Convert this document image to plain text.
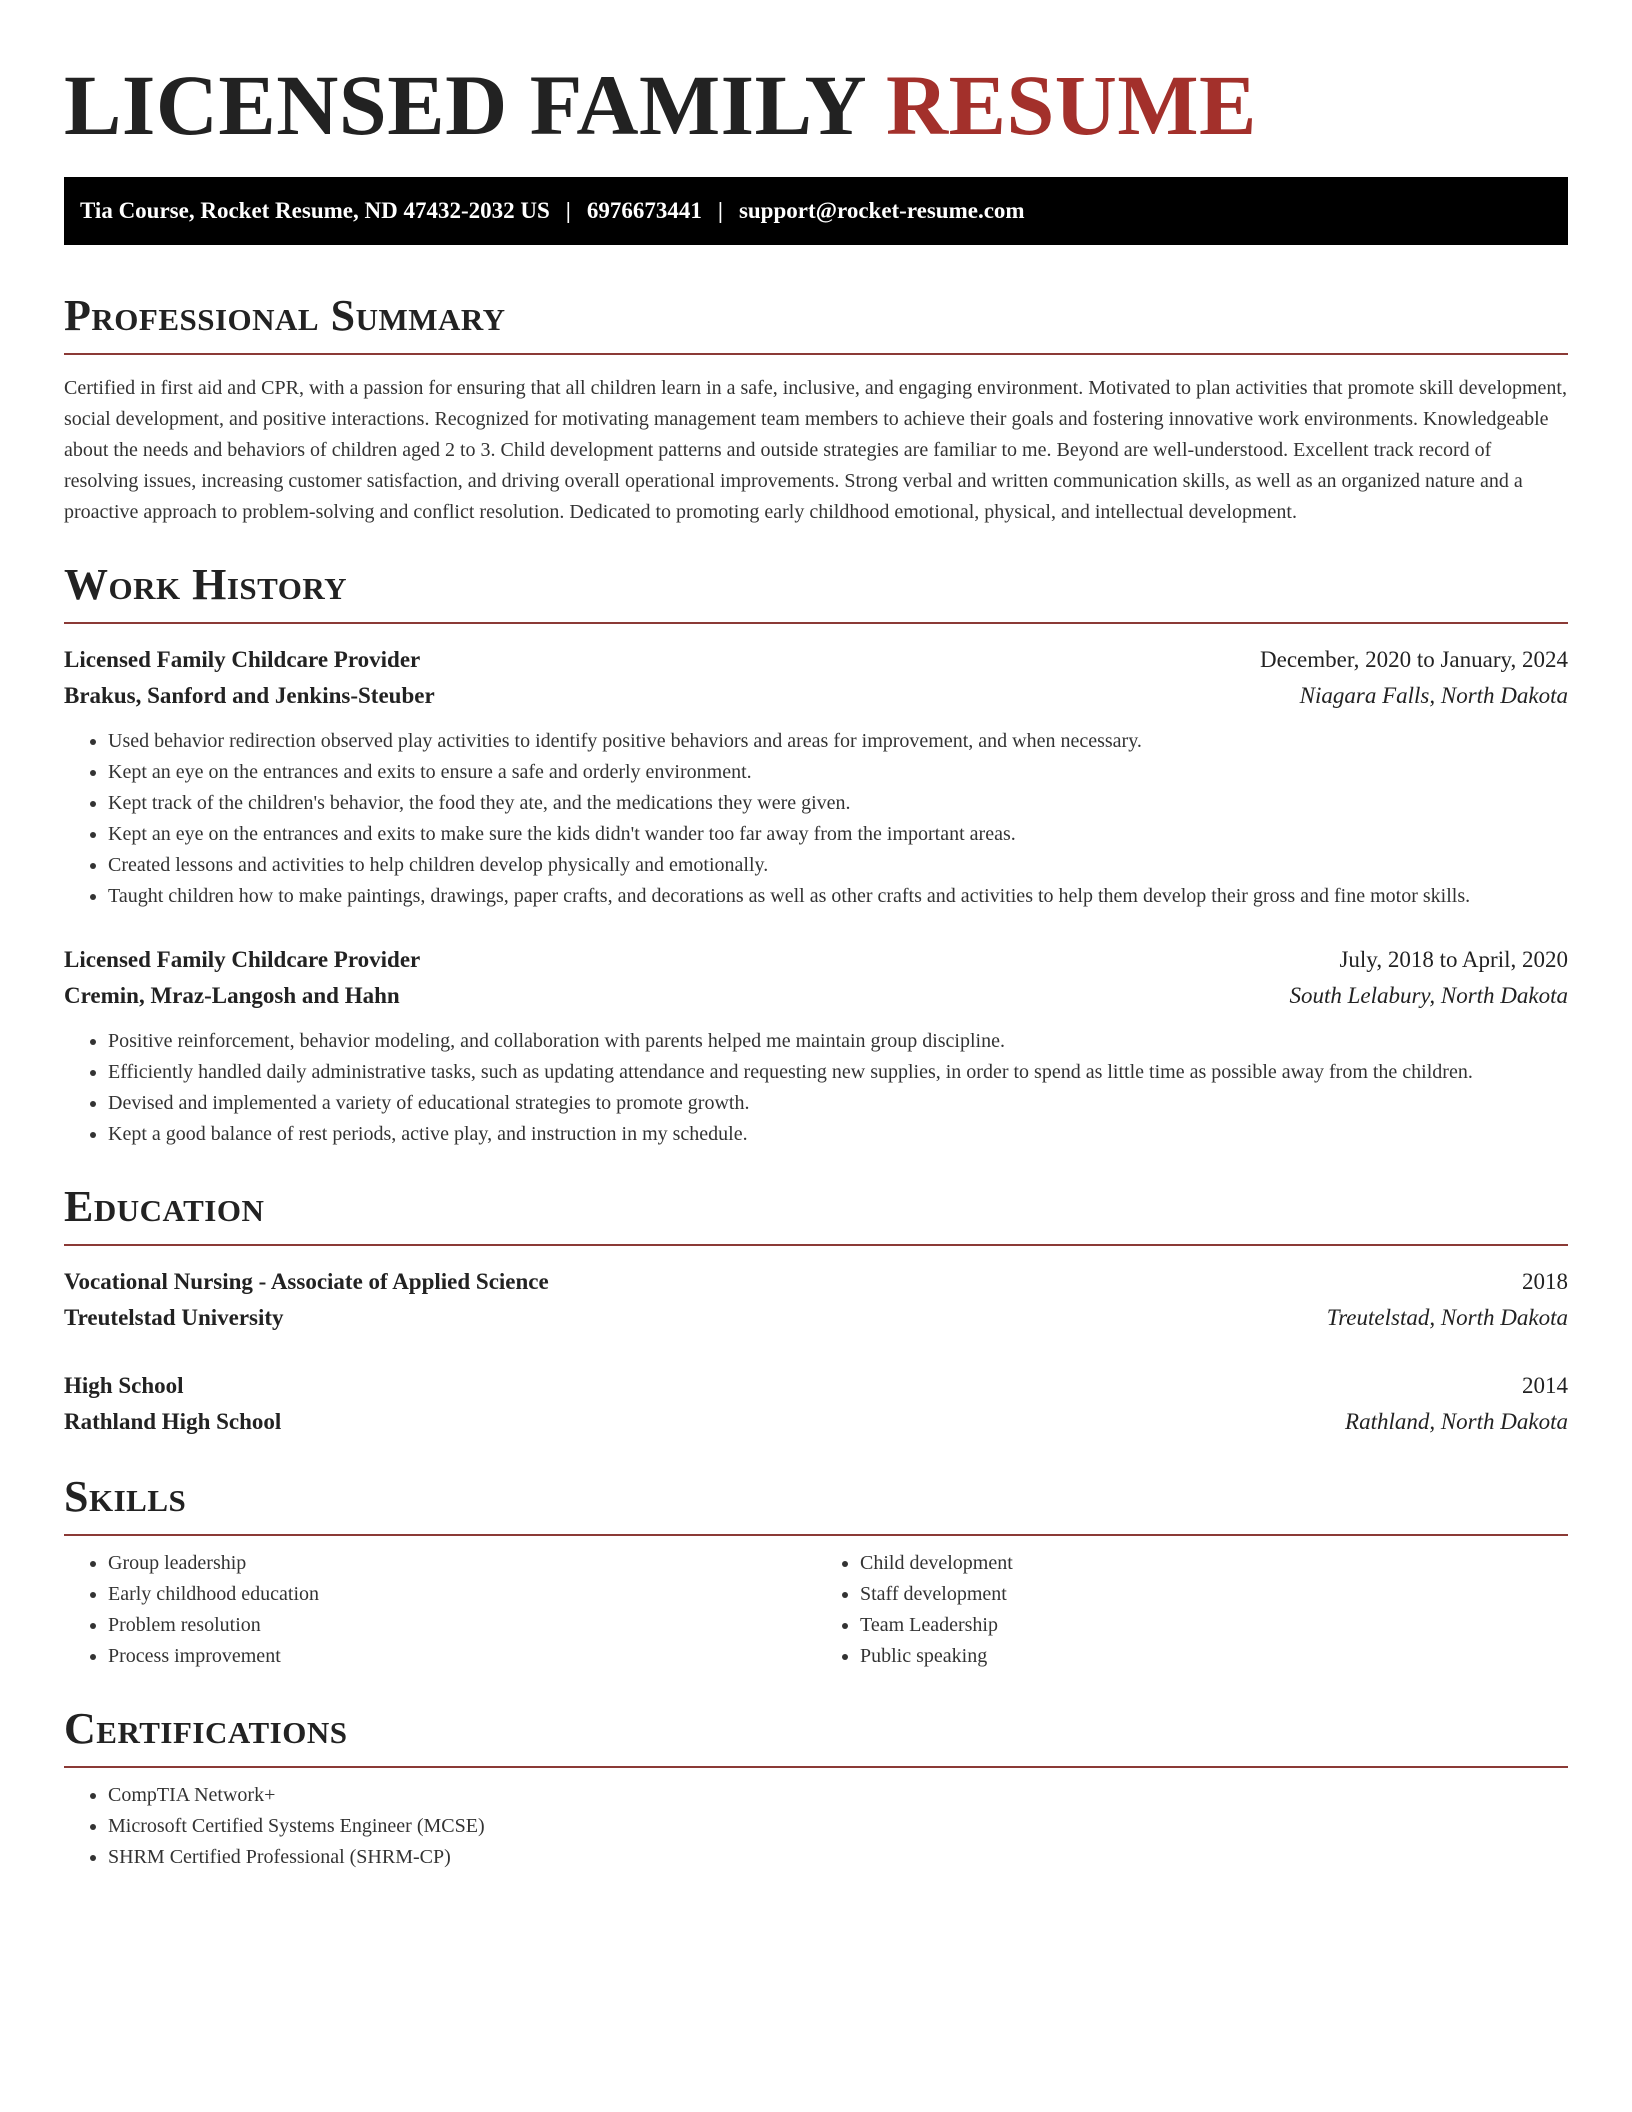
LICENSED FAMILY RESUME
Tia Course, Rocket Resume, ND 47432-2032 US | 6976673441 | support@rocket-resume.com
Professional Summary

Certified in first aid and CPR, with a passion for ensuring that all children learn in a safe, inclusive, and engaging environment. Motivated to plan activities that promote skill development, social development, and positive interactions. Recognized for motivating management team members to achieve their goals and fostering innovative work environments. Knowledgeable about the needs and behaviors of children aged 2 to 3. Child development patterns and outside strategies are familiar to me. Beyond are well-understood. Excellent track record of resolving issues, increasing customer satisfaction, and driving overall operational improvements. Strong verbal and written communication skills, as well as an organized nature and a proactive approach to problem-solving and conflict resolution. Dedicated to promoting early childhood emotional, physical, and intellectual development.

Work History
Licensed Family Childcare Provider	December, 2020 to January, 2024
Brakus, Sanford and Jenkins-Steuber	Niagara Falls, North Dakota
• Used behavior redirection observed play activities to identify positive behaviors and areas for improvement, and when necessary.
• Kept an eye on the entrances and exits to ensure a safe and orderly environment.
• Kept track of the children's behavior, the food they ate, and the medications they were given.
• Kept an eye on the entrances and exits to make sure the kids didn't wander too far away from the important areas.
• Created lessons and activities to help children develop physically and emotionally.
• Taught children how to make paintings, drawings, paper crafts, and decorations as well as other crafts and activities to help them develop their gross and fine motor skills.
Licensed Family Childcare Provider	July, 2018 to April, 2020
Cremin, Mraz-Langosh and Hahn	South Lelabury, North Dakota
• Positive reinforcement, behavior modeling, and collaboration with parents helped me maintain group discipline.
• Efficiently handled daily administrative tasks, such as updating attendance and requesting new supplies, in order to spend as little time as possible away from the children.
• Devised and implemented a variety of educational strategies to promote growth.
• Kept a good balance of rest periods, active play, and instruction in my schedule.
Education
Vocational Nursing - Associate of Applied Science	2018
Treutelstad University	Treutelstad, North Dakota
High School	2014
Rathland High School	Rathland, North Dakota
Skills
• Group leadership
• Early childhood education
• Problem resolution
• Process improvement
• Child development
• Staff development
• Team Leadership
• Public speaking
Certifications
• CompTIA Network+
• Microsoft Certified Systems Engineer (MCSE)
• SHRM Certified Professional (SHRM-CP)
